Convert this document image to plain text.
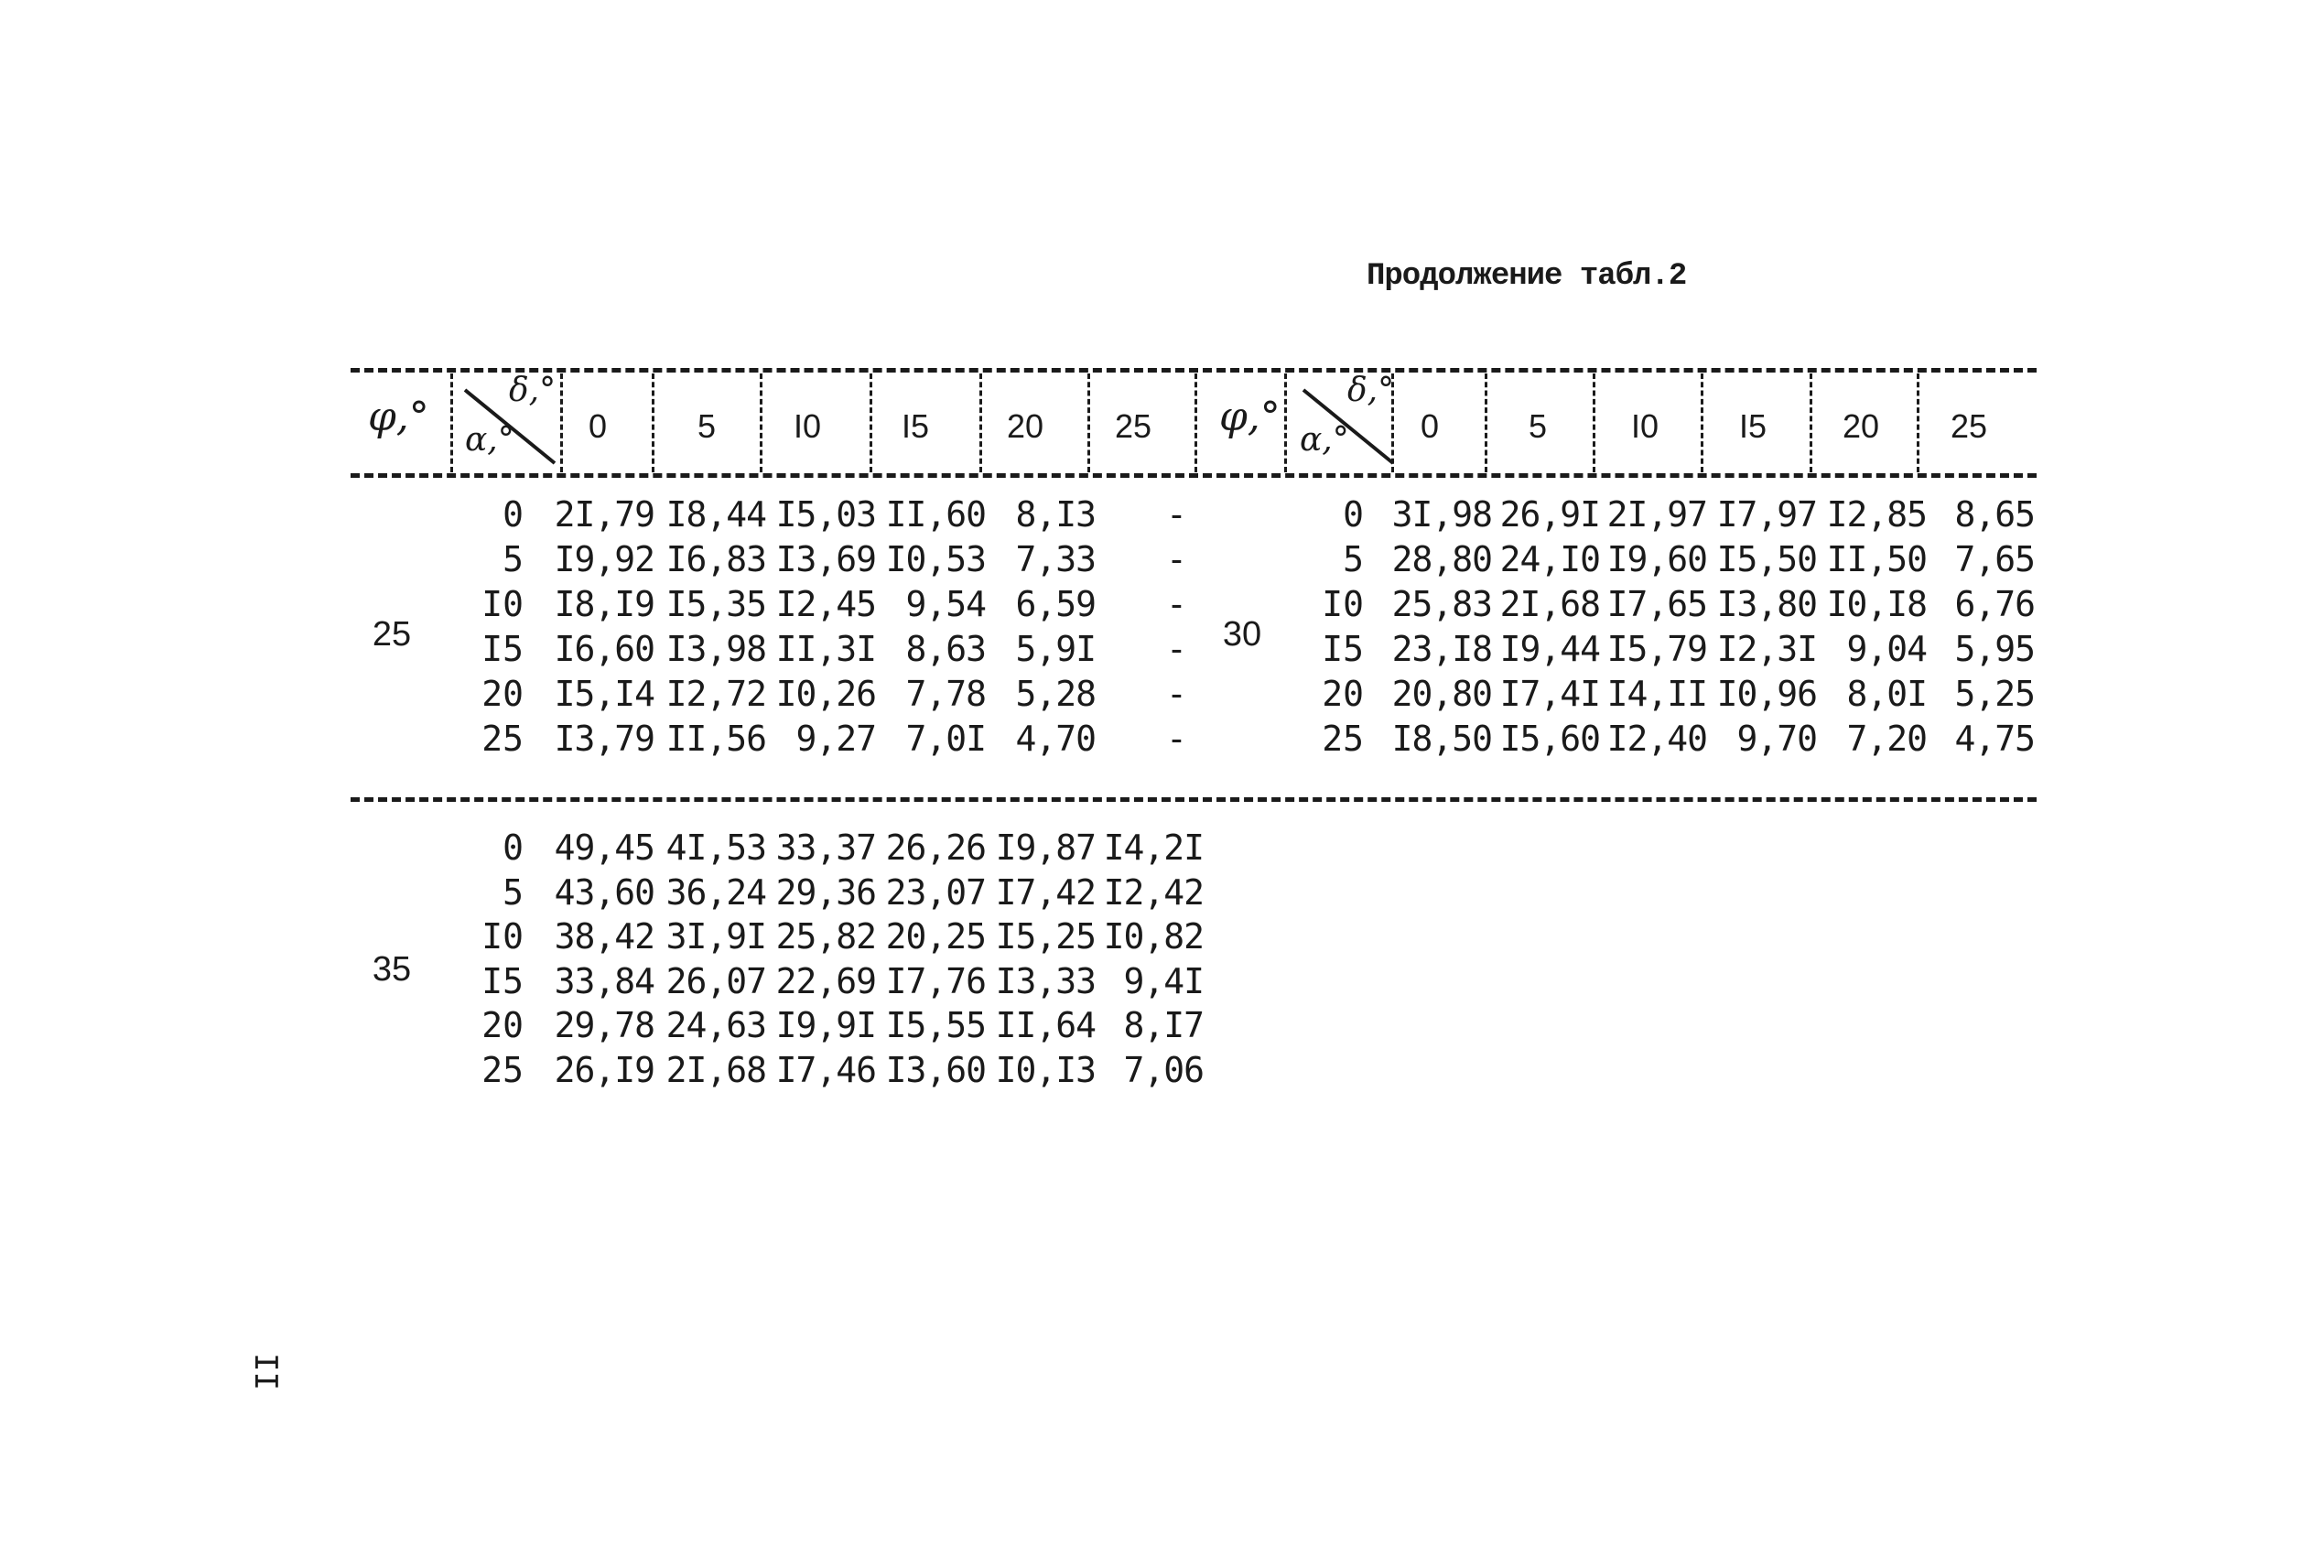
Продолжение табл.2
φ,°
δ,°
α,°	0	5	I0	I5	20	25	φ,°
δ,°
α,°	0	5	I0	I5	20	25
25
0 2I,79 I8,44 I5,03 II,60 8,I3	-
5 I9,92 I6,83 I3,69 I0,53 7,33	-
I0 I8,I9 I5,35 I2,45 9,54 6,59	-
I5 I6,60 I3,98 II,3I 8,63 5,9I	-
20 I5,I4 I2,72 I0,26 7,78 5,28	-
25 I3,79 II,56 9,27 7,0I 4,70	-
30
0 3I,98 26,9I 2I,97 I7,97 I2,85 8,65
5 28,80 24,I0 I9,60 I5,50 II,50 7,65
I0 25,83 2I,68 I7,65 I3,80 I0,I8 6,76
I5 23,I8 I9,44 I5,79 I2,3I 9,04 5,95
20 20,80 I7,4I I4,II I0,96 8,0I 5,25
25 I8,50 I5,60 I2,40 9,70 7,20 4,75
35
0 49,45 4I,53 33,37 26,26 I9,87 I4,2I
5 43,60 36,24 29,36 23,07 I7,42 I2,42
I0 38,42 3I,9I 25,82 20,25 I5,25 I0,82
I5 33,84 26,07 22,69 I7,76 I3,33 9,4I
20 29,78 24,63 I9,9I I5,55 II,64 8,I7
25 26,I9 2I,68 I7,46 I3,60 I0,I3 7,06
II
